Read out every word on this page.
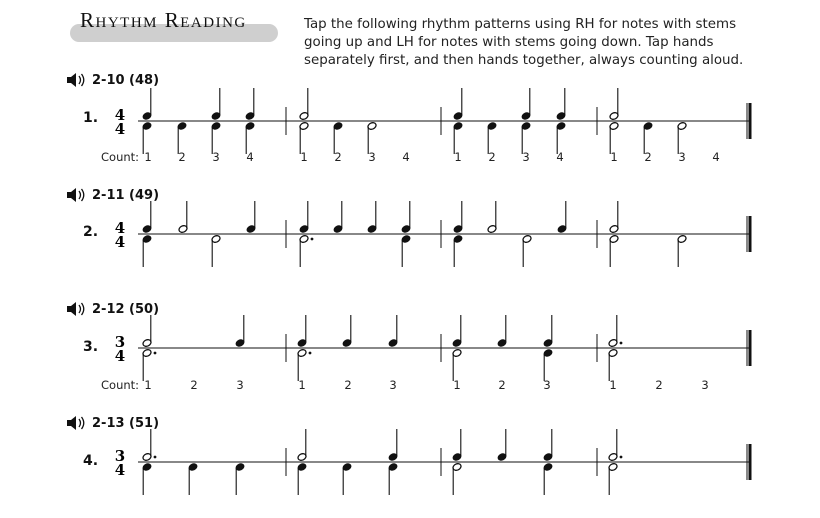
Rhythm Reading	Tap the following rhythm patterns using RH for notes with stems
going up and LH for notes with stems going down. Tap hands
separately first, and then hands together, always counting aloud.
2-10 (48)
2-11 (49)
2-12 (50)
2-13 (51)
1.
2.
3.
4.
Count: 1 2 3 4	1 2 3 4	1 2 3 4	1 2 3 4
Count: 1	2	3	1	2	3	1	2	3	1	2	3
4
4
4
4
3
4
3
4
